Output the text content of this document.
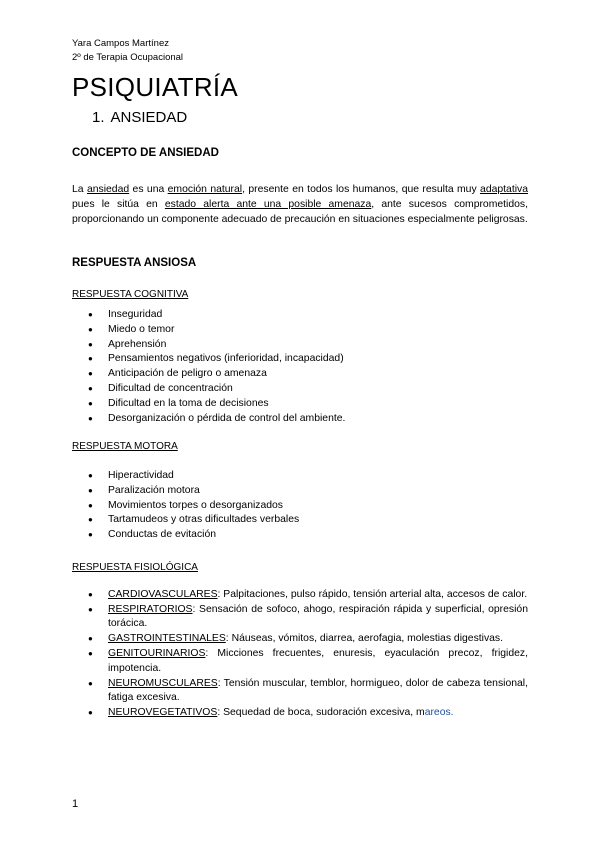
Yara Campos Martínez
2º de Terapia Ocupacional
PSIQUIATRÍA
1. ANSIEDAD
CONCEPTO DE ANSIEDAD

La ansiedad es una emoción natural, presente en todos los humanos, que resulta muy adaptativa pues le sitúa en estado alerta ante una posible amenaza, ante sucesos comprometidos, proporcionando un componente adecuado de precaución en situaciones especialmente peligrosas.

RESPUESTA ANSIOSA
RESPUESTA COGNITIVA
● Inseguridad
● Miedo o temor
● Aprehensión
● Pensamientos negativos (inferioridad, incapacidad)
● Anticipación de peligro o amenaza
● Dificultad de concentración
● Dificultad en la toma de decisiones
● Desorganización o pérdida de control del ambiente.
RESPUESTA MOTORA
● Hiperactividad
● Paralización motora
● Movimientos torpes o desorganizados
● Tartamudeos y otras dificultades verbales
● Conductas de evitación
RESPUESTA FISIOLÓGICA
● CARDIOVASCULARES: Palpitaciones, pulso rápido, tensión arterial alta, accesos de calor.
● RESPIRATORIOS: Sensación de sofoco, ahogo, respiración rápida y superficial, opresión torácica.
● GASTROINTESTINALES: Náuseas, vómitos, diarrea, aerofagia, molestias digestivas.
● GENITOURINARIOS: Micciones frecuentes, enuresis, eyaculación precoz, frigidez, impotencia.
● NEUROMUSCULARES: Tensión muscular, temblor, hormigueo, dolor de cabeza tensional, fatiga excesiva.
● NEUROVEGETATIVOS: Sequedad de boca, sudoración excesiva, mareos.
1
